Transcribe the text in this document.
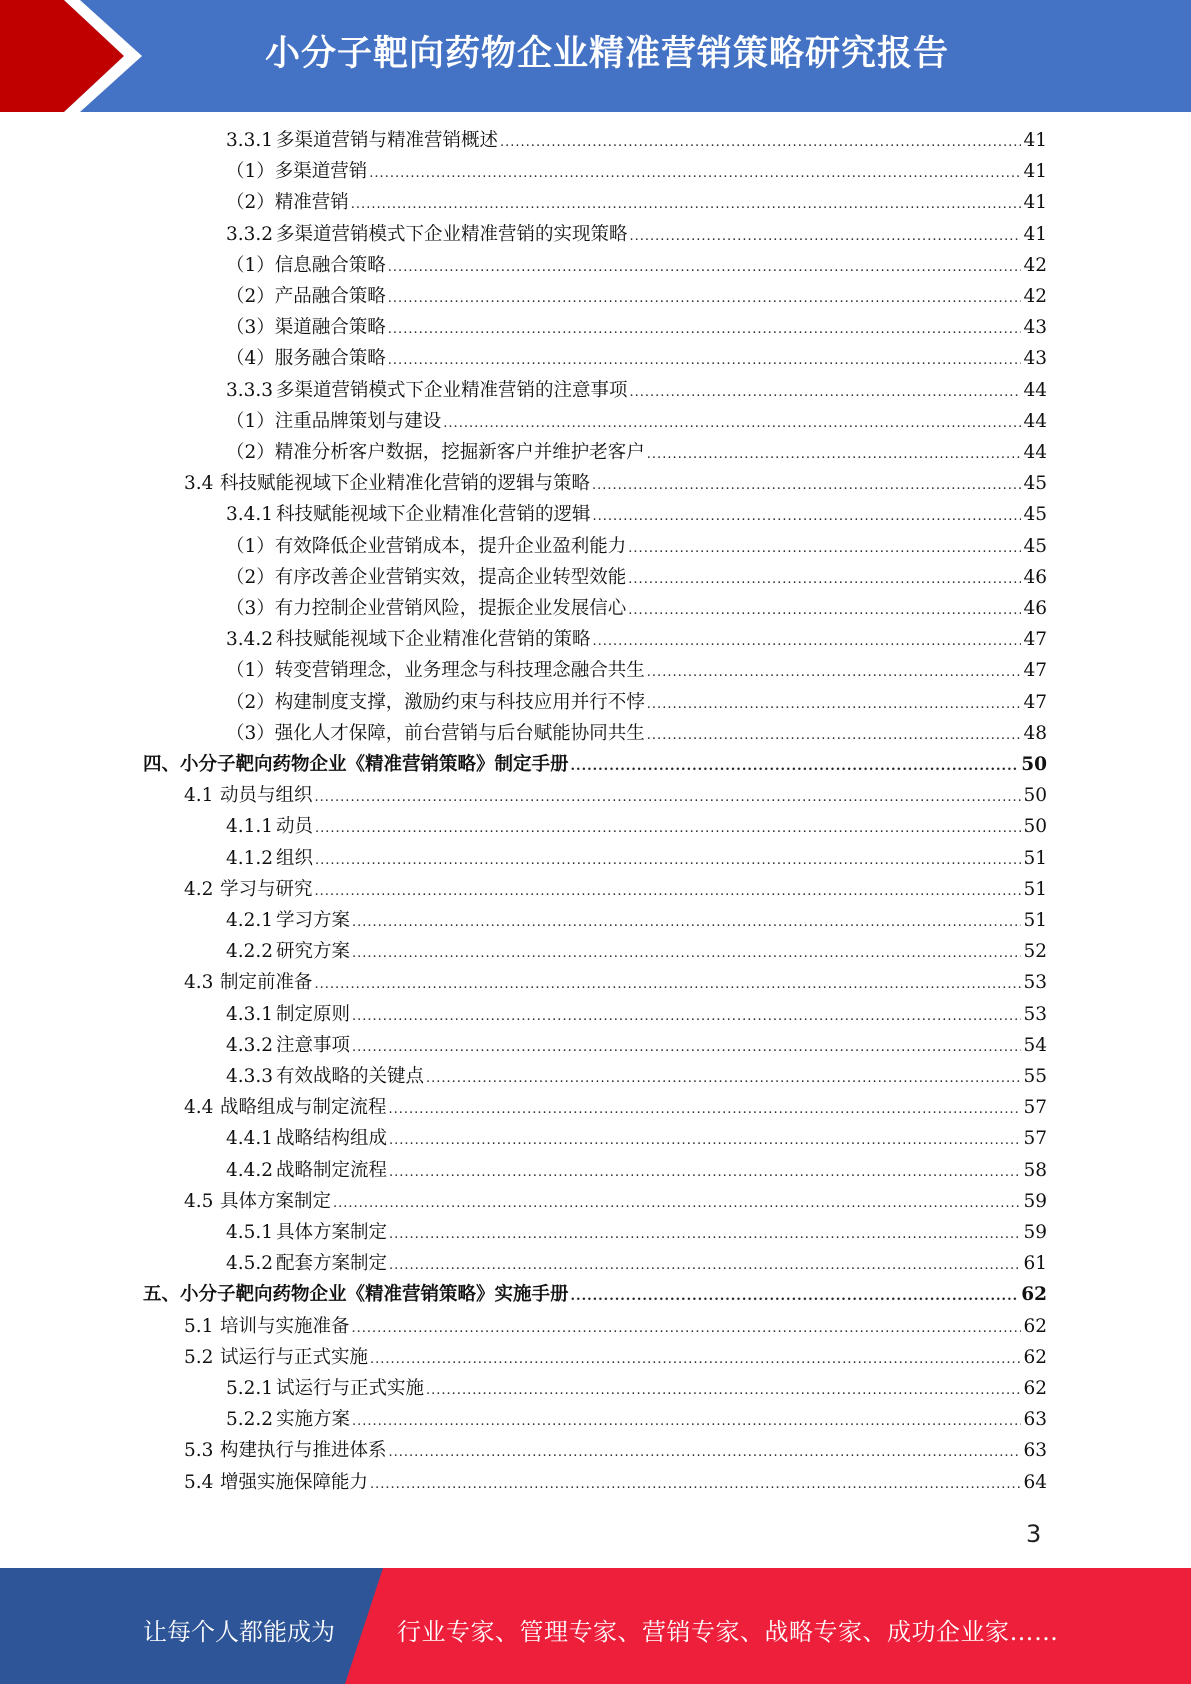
小分子靶向药物企业精准营销策略研究报告
3.3.1 多渠道营销与精准营销概述 .....	41
（1） 多渠道营销 .....	41
（2） 精准营销 .....	41
3.3.2 多渠道营销模式下企业精准营销的实现策略 .....	41
（1） 信息融合策略 .....	42
（2） 产品融合策略 .....	42
（3） 渠道融合策略 .....	43
（4） 服务融合策略 .....	43
3.3.3 多渠道营销模式下企业精准营销的注意事项 .....	44
（1） 注重品牌策划与建设 .....	44
（2） 精准分析客户数据，挖掘新客户并维护老客户 .....	44
3.4 科技赋能视域下企业精准化营销的逻辑与策略 .....	45
3.4.1 科技赋能视域下企业精准化营销的逻辑 .....	45
（1） 有效降低企业营销成本，提升企业盈利能力 .....	45
（2） 有序改善企业营销实效，提高企业转型效能 .....	46
（3） 有力控制企业营销风险，提振企业发展信心 .....	46
3.4.2 科技赋能视域下企业精准化营销的策略 .....	47
（1） 转变营销理念，业务理念与科技理念融合共生 .....	47
（2） 构建制度支撑，激励约束与科技应用并行不悖 .....	47
（3） 强化人才保障，前台营销与后台赋能协同共生 .....	48
四、 小分子靶向药物企业《精准营销策略》制定手册 .....	50
4.1 动员与组织 .....	50
4.1.1 动员 .....	50
4.1.2 组织 .....	51
4.2 学习与研究 .....	51
4.2.1 学习方案 .....	51
4.2.2 研究方案 .....	52
4.3 制定前准备 .....	53
4.3.1 制定原则 .....	53
4.3.2 注意事项 .....	54
4.3.3 有效战略的关键点 .....	55
4.4 战略组成与制定流程 .....	57
4.4.1 战略结构组成 .....	57
4.4.2 战略制定流程 .....	58
4.5 具体方案制定 .....	59
4.5.1 具体方案制定 .....	59
4.5.2 配套方案制定 .....	61
五、 小分子靶向药物企业《精准营销策略》实施手册 .....	62
5.1 培训与实施准备 .....	62
5.2 试运行与正式实施 .....	62
5.2.1 试运行与正式实施 .....	62
5.2.2 实施方案 .....	63
5.3 构建执行与推进体系 .....	63
5.4 增强实施保障能力 .....	64
3
让每个人都能成为	行业专家、管理专家、营销专家、战略专家、成功企业家……
